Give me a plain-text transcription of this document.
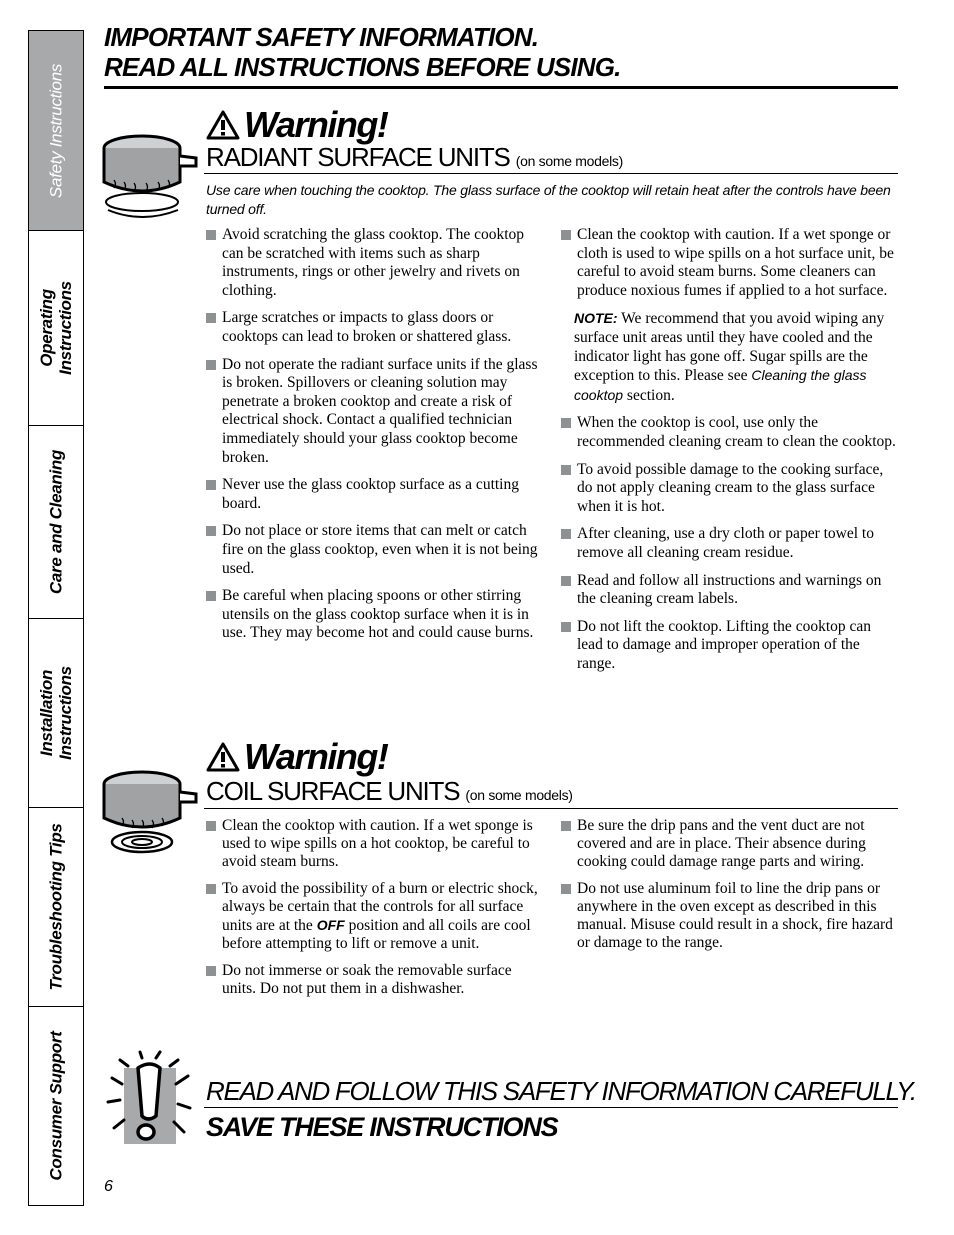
Safety Instructions
Operating
Instructions
Care and Cleaning
Installation
Instructions
Troubleshooting Tips
Consumer Support
IMPORTANT SAFETY INFORMATION.
READ ALL INSTRUCTIONS BEFORE USING.
Warning!
RADIANT SURFACE UNITS (on some models)
Use care when touching the cooktop. The glass surface of the cooktop will retain heat after the controls have been turned off.
Avoid scratching the glass cooktop. The cooktop can be scratched with items such as sharp instruments, rings or other jewelry and rivets on clothing.
Large scratches or impacts to glass doors or cooktops can lead to broken or shattered glass.
Do not operate the radiant surface units if the glass is broken. Spillovers or cleaning solution may penetrate a broken cooktop and create a risk of electrical shock. Contact a qualified technician immediately should your glass cooktop become broken.
Never use the glass cooktop surface as a cutting board.
Do not place or store items that can melt or catch fire on the glass cooktop, even when it is not being used.
Be careful when placing spoons or other stirring utensils on the glass cooktop surface when it is in use. They may become hot and could cause burns.
Clean the cooktop with caution. If a wet sponge or cloth is used to wipe spills on a hot surface unit, be careful to avoid steam burns. Some cleaners can produce noxious fumes if applied to a hot surface.
NOTE: We recommend that you avoid wiping any surface unit areas until they have cooled and the indicator light has gone off. Sugar spills are the exception to this. Please see Cleaning the glass cooktop section.
When the cooktop is cool, use only the recommended cleaning cream to clean the cooktop.
To avoid possible damage to the cooking surface, do not apply cleaning cream to the glass surface when it is hot.
After cleaning, use a dry cloth or paper towel to remove all cleaning cream residue.
Read and follow all instructions and warnings on the cleaning cream labels.
Do not lift the cooktop. Lifting the cooktop can lead to damage and improper operation of the range.
Warning!
COIL SURFACE UNITS (on some models)
Clean the cooktop with caution. If a wet sponge is used to wipe spills on a hot cooktop, be careful to avoid steam burns.
To avoid the possibility of a burn or electric shock, always be certain that the controls for all surface units are at the OFF position and all coils are cool before attempting to lift or remove a unit.
Do not immerse or soak the removable surface units. Do not put them in a dishwasher.
Be sure the drip pans and the vent duct are not covered and are in place. Their absence during cooking could damage range parts and wiring.
Do not use aluminum foil to line the drip pans or anywhere in the oven except as described in this manual. Misuse could result in a shock, fire hazard or damage to the range.
READ AND FOLLOW THIS SAFETY INFORMATION CAREFULLY.
SAVE THESE INSTRUCTIONS
6
